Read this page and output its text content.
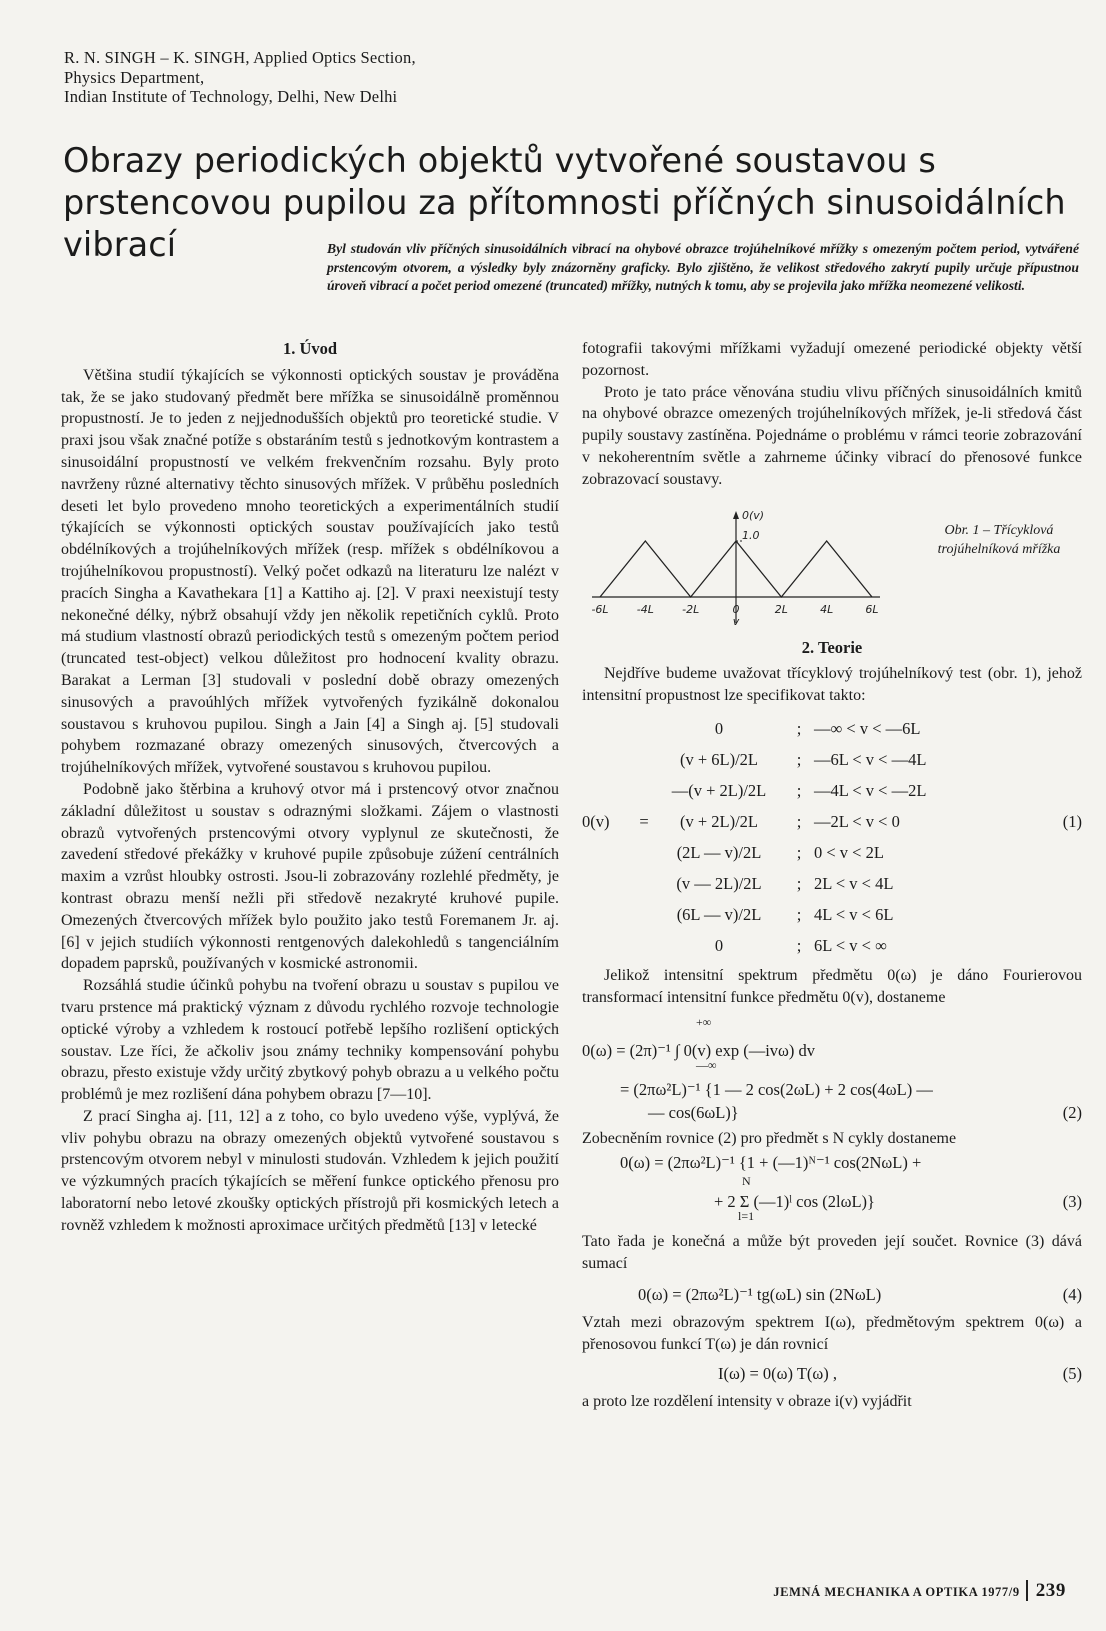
R. N. SINGH – K. SINGH, Applied Optics Section,
Physics Department,
Indian Institute of Technology, Delhi, New Delhi
Obrazy periodických objektů vytvořené soustavou s prstencovou pupilou za přítomnosti příčných sinusoidálních vibrací	Byl studován vliv příčných sinusoidálních vibrací na ohybové obrazce trojúhelníkové mřížky s omezeným počtem period, vytvářené prstencovým otvorem, a výsledky byly znázorněny graficky. Bylo zjištěno, že velikost středového zakrytí pupily určuje přípustnou úroveň vibrací a počet period omezené (truncated) mřížky, nutných k tomu, aby se projevila jako mřížka neomezené velikosti.
1. Úvod

Většina studií týkajících se výkonnosti optických soustav je prováděna tak, že se jako studovaný předmět bere mřížka se sinusoidálně proměnnou propustností. Je to jeden z nejjednodušších objektů pro teoretické studie. V praxi jsou však značné potíže s obstaráním testů s jednotkovým kontrastem a sinusoidální propustností ve velkém frekvenčním rozsahu. Byly proto navrženy různé alternativy těchto sinusových mřížek. V průběhu posledních deseti let bylo provedeno mnoho teoretických a experimentálních studií týkajících se výkonnosti optických soustav používajících jako testů obdélníkových a trojúhelníkových mřížek (resp. mřížek s obdélníkovou a trojúhelníkovou propustností). Velký počet odkazů na literaturu lze nalézt v pracích Singha a Kavathekara [1] a Kattiho aj. [2]. V praxi neexistují testy nekonečné délky, nýbrž obsahují vždy jen několik repetičních cyklů. Proto má studium vlastností obrazů periodických testů s omezeným počtem period (truncated test-object) velkou důležitost pro hodnocení kvality obrazu. Barakat a Lerman [3] studovali v poslední době obrazy omezených sinusových a pravoúhlých mřížek vytvořených fyzikálně dokonalou soustavou s kruhovou pupilou. Singh a Jain [4] a Singh aj. [5] studovali pohybem rozmazané obrazy omezených sinusových, čtvercových a trojúhelníkových mřížek, vytvořené soustavou s kruhovou pupilou.

Podobně jako štěrbina a kruhový otvor má i prstencový otvor značnou základní důležitost u soustav s odraznými složkami. Zájem o vlastnosti obrazů vytvořených prstencovými otvory vyplynul ze skutečnosti, že zavedení středové překážky v kruhové pupile způsobuje zúžení centrálních maxim a vzrůst hloubky ostrosti. Jsou-li zobrazovány rozlehlé předměty, je kontrast obrazu menší nežli při středově nezakryté kruhové pupile. Omezených čtvercových mřížek bylo použito jako testů Foremanem Jr. aj. [6] v jejich studiích výkonnosti rentgenových dalekohledů s tangenciálním dopadem paprsků, používaných v kosmické astronomii.

Rozsáhlá studie účinků pohybu na tvoření obrazu u soustav s pupilou ve tvaru prstence má praktický význam z důvodu rychlého rozvoje technologie optické výroby a vzhledem k rostoucí potřebě lepšího rozlišení optických soustav. Lze říci, že ačkoliv jsou známy techniky kompensování pohybu obrazu, přesto existuje vždy určitý zbytkový pohyb obrazu a u velkého počtu problémů je mez rozlišení dána pohybem obrazu [7—10].

Z prací Singha aj. [11, 12] a z toho, co bylo uvedeno výše, vyplývá, že vliv pohybu obrazu na obrazy omezených objektů vytvořené soustavou s prstencovým otvorem nebyl v minulosti studován. Vzhledem k jejich použití ve výzkumných pracích týkajících se měření funkce optického přenosu pro laboratorní nebo letové zkoušky optických přístrojů při kosmických letech a rovněž vzhledem k možnosti aproximace určitých předmětů [13] v letecké

fotografii takovými mřížkami vyžadují omezené periodické objekty větší pozornost.

Proto je tato práce věnována studiu vlivu příčných sinusoidálních kmitů na ohybové obrazce omezených trojúhelníkových mřížek, je-li středová část pupily soustavy zastíněna. Pojednáme o problému v rámci teorie zobrazování v nekoherentním světle a zahrneme účinky vibrací do přenosové funkce zobrazovací soustavy.

-6L	-4L	-2L	0	2L	4L	6L
0(v)
1.0
v
Obr. 1 – Třícyklová trojúhelníková mřížka
2. Teorie

Nejdříve budeme uvažovat třícyklový trojúhelníkový test (obr. 1), jehož intensitní propustnost lze specifikovat takto:

0	; —∞ < v < —6L
(v + 6L)/2L	; —6L < v < —4L
—(v + 2L)/2L	; —4L < v < —2L
0(v)	=	(v + 2L)/2L	; —2L < v < 0	(1)
(2L — v)/2L	; 0 < v < 2L
(v — 2L)/2L	; 2L < v < 4L
(6L — v)/2L	; 4L < v < 6L
0	; 6L < v < ∞

Jelikož intensitní spektrum předmětu 0(ω) je dáno Fourierovou transformací intensitní funkce předmětu 0(v), dostaneme

+∞
0(ω) = (2π)⁻¹ ∫ 0(v) exp (—ivω) dv
—∞
= (2πω²L)⁻¹ {1 — 2 cos(2ωL) + 2 cos(4ωL) —
— cos(6ωL)}	(2)

Zobecněním rovnice (2) pro předmět s N cykly dostaneme

0(ω) = (2πω²L)⁻¹ {1 + (—1)ᴺ⁻¹ cos(2NωL) +
N
+ 2 Σ (—1)ˡ cos (2lωL)}	(3)
l=1

Tato řada je konečná a může být proveden její součet. Rovnice (3) dává sumací

0(ω) = (2πω²L)⁻¹ tg(ωL) sin (2NωL)	(4)

Vztah mezi obrazovým spektrem I(ω), předmětovým spektrem 0(ω) a přenosovou funkcí T(ω) je dán rovnicí

I(ω) = 0(ω) T(ω) ,	(5)

a proto lze rozdělení intensity v obraze i(v) vyjádřit

JEMNÁ MECHANIKA A OPTIKA 1977/9 239
